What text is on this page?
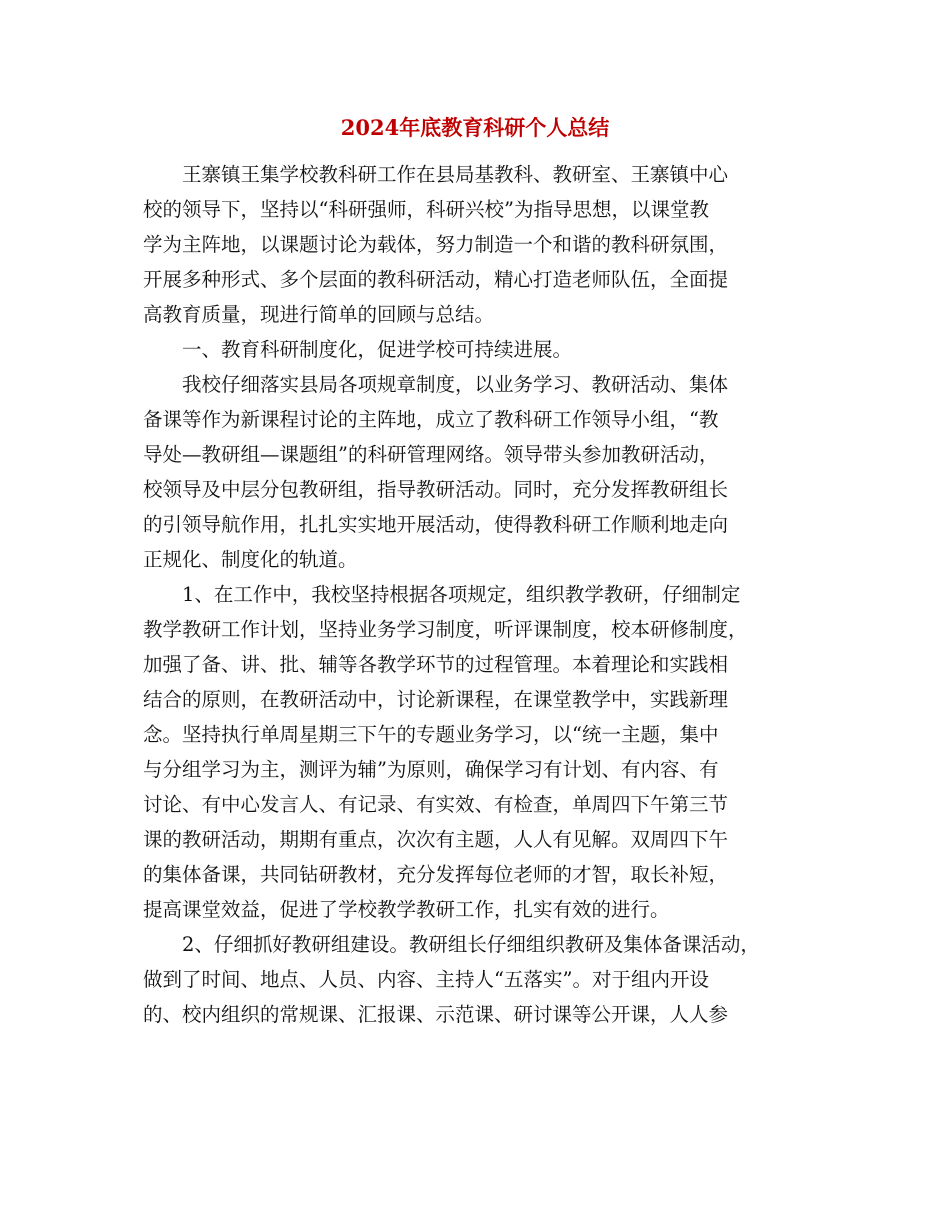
2024年底教育科研个人总结
王寨镇王集学校教科研工作在县局基教科、教研室、王寨镇中心
校的领导下，坚持以“科研强师，科研兴校”为指导思想，以课堂教
学为主阵地，以课题讨论为载体，努力制造一个和谐的教科研氛围，
开展多种形式、多个层面的教科研活动，精心打造老师队伍，全面提
高教育质量，现进行简单的回顾与总结。
一、教育科研制度化，促进学校可持续进展。
我校仔细落实县局各项规章制度，以业务学习、教研活动、集体
备课等作为新课程讨论的主阵地，成立了教科研工作领导小组，“教
导处—教研组—课题组”的科研管理网络。领导带头参加教研活动，
校领导及中层分包教研组，指导教研活动。同时，充分发挥教研组长
的引领导航作用，扎扎实实地开展活动，使得教科研工作顺利地走向
正规化、制度化的轨道。
1、在工作中，我校坚持根据各项规定，组织教学教研，仔细制定
教学教研工作计划，坚持业务学习制度，听评课制度，校本研修制度，
加强了备、讲、批、辅等各教学环节的过程管理。本着理论和实践相
结合的原则，在教研活动中，讨论新课程，在课堂教学中，实践新理
念。坚持执行单周星期三下午的专题业务学习，以“统一主题，集中
与分组学习为主，测评为辅”为原则，确保学习有计划、有内容、有
讨论、有中心发言人、有记录、有实效、有检查，单周四下午第三节
课的教研活动，期期有重点，次次有主题，人人有见解。双周四下午
的集体备课，共同钻研教材，充分发挥每位老师的才智，取长补短，
提高课堂效益，促进了学校教学教研工作，扎实有效的进行。
2、仔细抓好教研组建设。教研组长仔细组织教研及集体备课活动，
做到了时间、地点、人员、内容、主持人“五落实”。对于组内开设
的、校内组织的常规课、汇报课、示范课、研讨课等公开课，人人参
